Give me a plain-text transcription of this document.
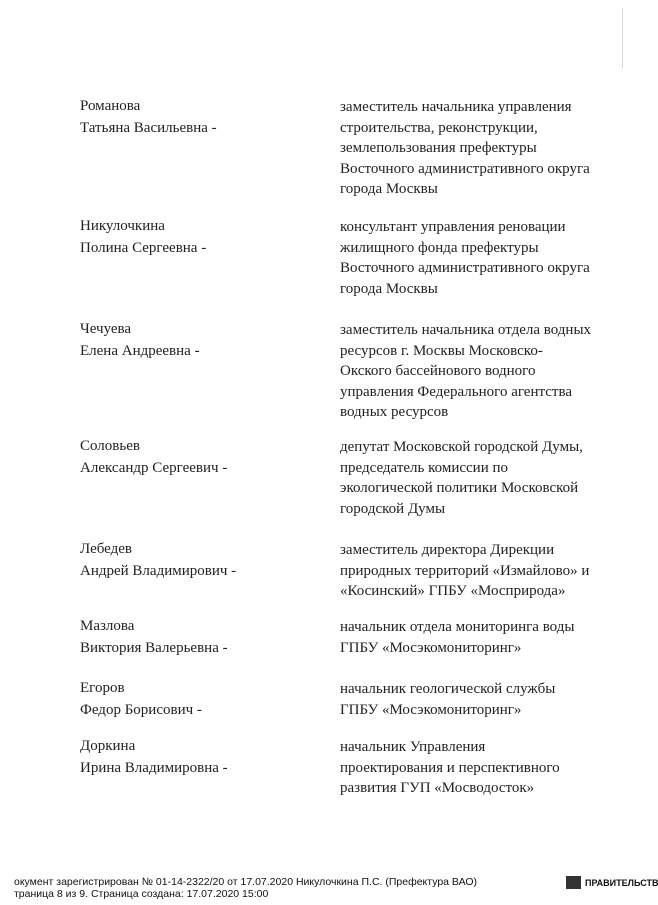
Романова
Татьяна Васильевна -
заместитель начальника управления
строительства, реконструкции,
землепользования префектуры
Восточного административного округа
города Москвы
Никулочкина
Полина Сергеевна -
консультант управления реновации
жилищного фонда префектуры
Восточного административного округа
города Москвы
Чечуева
Елена Андреевна -
заместитель начальника отдела водных
ресурсов г. Москвы Московско-
Окского бассейнового водного
управления Федерального агентства
водных ресурсов
Соловьев
Александр Сергеевич -
депутат Московской городской Думы,
председатель комиссии по
экологической политики Московской
городской Думы
Лебедев
Андрей Владимирович -
заместитель директора Дирекции
природных территорий «Измайлово» и
«Косинский» ГПБУ «Мосприрода»
Мазлова
Виктория Валерьевна -
начальник отдела мониторинга воды
ГПБУ «Мосэкомониторинг»
Егоров
Федор Борисович -
начальник геологической службы
ГПБУ «Мосэкомониторинг»
Доркина
Ирина Владимировна -
начальник Управления
проектирования и перспективного
развития ГУП «Мосводосток»
окумент зарегистрирован № 01-14-2322/20 от 17.07.2020 Никулочкина П.С. (Префектура ВАО)
траница 8 из 9. Страница создана: 17.07.2020 15:00
ПРАВИТЕЛЬСТВ
